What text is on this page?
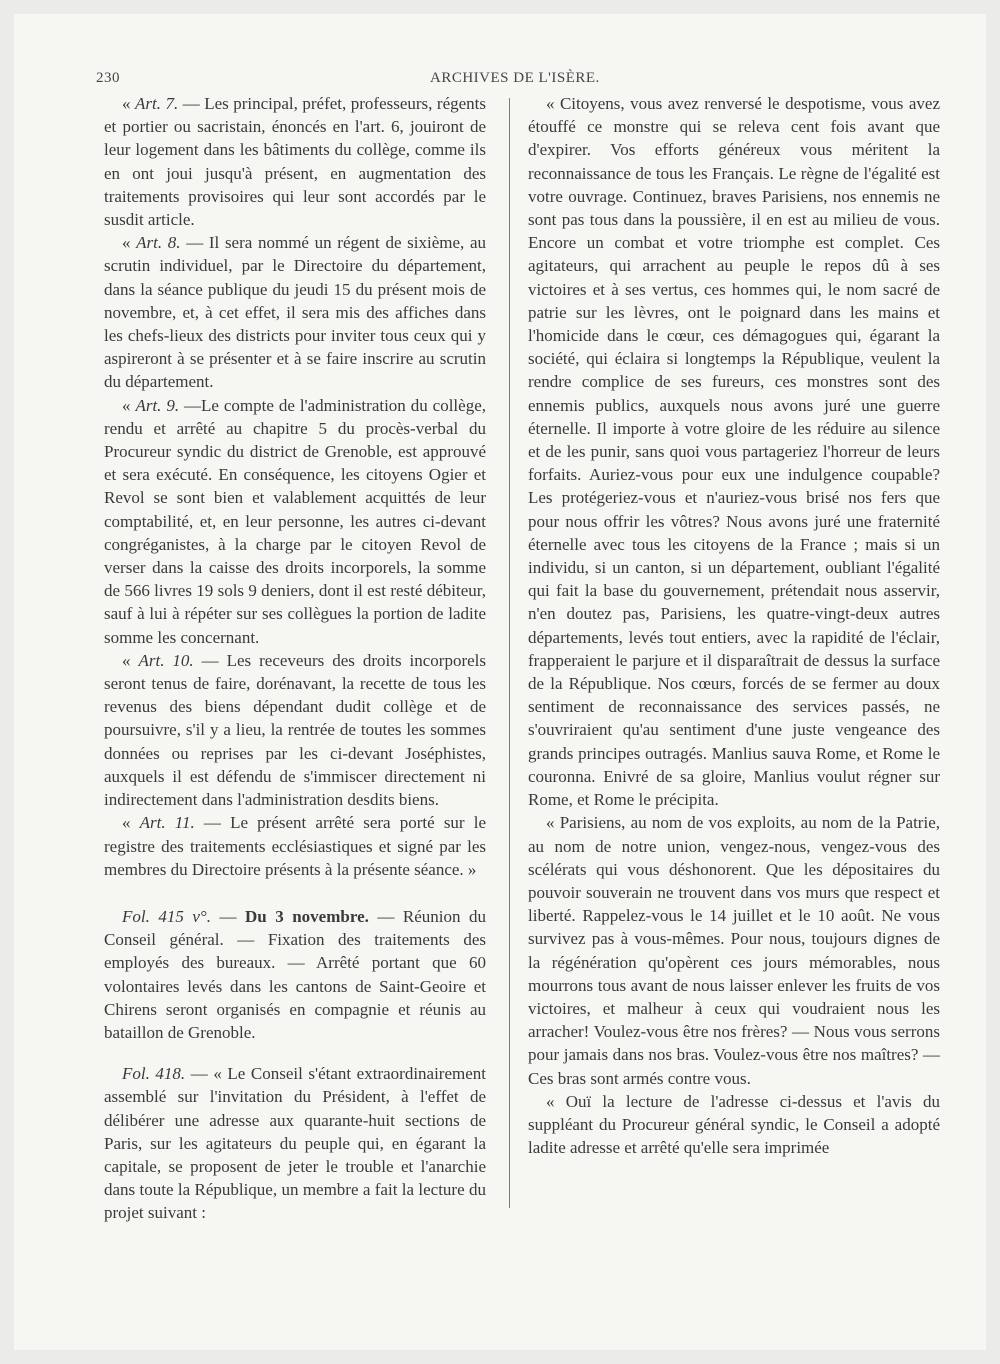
230	ARCHIVES DE L'ISÈRE.

« Art. 7. — Les principal, préfet, professeurs, régents et portier ou sacristain, énoncés en l'art. 6, jouiront de leur logement dans les bâtiments du collège, comme ils en ont joui jusqu'à présent, en augmentation des traitements provisoires qui leur sont accordés par le susdit article.

« Art. 8. — Il sera nommé un régent de sixième, au scrutin individuel, par le Directoire du département, dans la séance publique du jeudi 15 du présent mois de novembre, et, à cet effet, il sera mis des affiches dans les chefs-lieux des districts pour inviter tous ceux qui y aspireront à se présenter et à se faire inscrire au scrutin du département.

« Art. 9. —Le compte de l'administration du collège, rendu et arrêté au chapitre 5 du procès-verbal du Procureur syndic du district de Grenoble, est approuvé et sera exécuté. En conséquence, les citoyens Ogier et Revol se sont bien et valablement acquittés de leur comptabilité, et, en leur personne, les autres ci-devant congréganistes, à la charge par le citoyen Revol de verser dans la caisse des droits incorporels, la somme de 566 livres 19 sols 9 deniers, dont il est resté débiteur, sauf à lui à répéter sur ses collègues la portion de ladite somme les concernant.

« Art. 10. — Les receveurs des droits incorporels seront tenus de faire, dorénavant, la recette de tous les revenus des biens dépendant dudit collège et de poursuivre, s'il y a lieu, la rentrée de toutes les sommes données ou reprises par les ci-devant Joséphistes, auxquels il est défendu de s'immiscer directement ni indirectement dans l'administration desdits biens.

« Art. 11. — Le présent arrêté sera porté sur le registre des traitements ecclésiastiques et signé par les membres du Directoire présents à la présente séance. »

Fol. 415 v°. — Du 3 novembre. — Réunion du Conseil général. — Fixation des traitements des employés des bureaux. — Arrêté portant que 60 volontaires levés dans les cantons de Saint-Geoire et Chirens seront organisés en compagnie et réunis au bataillon de Grenoble.

Fol. 418. — « Le Conseil s'étant extraordinairement assemblé sur l'invitation du Président, à l'effet de délibérer une adresse aux quarante-huit sections de Paris, sur les agitateurs du peuple qui, en égarant la capitale, se proposent de jeter le trouble et l'anarchie dans toute la République, un membre a fait la lecture du projet suivant :

« Citoyens, vous avez renversé le despotisme, vous avez étouffé ce monstre qui se releva cent fois avant que d'expirer. Vos efforts généreux vous méritent la reconnaissance de tous les Français. Le règne de l'égalité est votre ouvrage. Continuez, braves Parisiens, nos ennemis ne sont pas tous dans la poussière, il en est au milieu de vous. Encore un combat et votre triomphe est complet. Ces agitateurs, qui arrachent au peuple le repos dû à ses victoires et à ses vertus, ces hommes qui, le nom sacré de patrie sur les lèvres, ont le poignard dans les mains et l'homicide dans le cœur, ces démagogues qui, égarant la société, qui éclaira si longtemps la République, veulent la rendre complice de ses fureurs, ces monstres sont des ennemis publics, auxquels nous avons juré une guerre éternelle. Il importe à votre gloire de les réduire au silence et de les punir, sans quoi vous partageriez l'horreur de leurs forfaits. Auriez-vous pour eux une indulgence coupable? Les protégeriez-vous et n'auriez-vous brisé nos fers que pour nous offrir les vôtres? Nous avons juré une fraternité éternelle avec tous les citoyens de la France ; mais si un individu, si un canton, si un département, oubliant l'égalité qui fait la base du gouvernement, prétendait nous asservir, n'en doutez pas, Parisiens, les quatre-vingt-deux autres départements, levés tout entiers, avec la rapidité de l'éclair, frapperaient le parjure et il disparaîtrait de dessus la surface de la République. Nos cœurs, forcés de se fermer au doux sentiment de reconnaissance des services passés, ne s'ouvriraient qu'au sentiment d'une juste vengeance des grands principes outragés. Manlius sauva Rome, et Rome le couronna. Enivré de sa gloire, Manlius voulut régner sur Rome, et Rome le précipita.

« Parisiens, au nom de vos exploits, au nom de la Patrie, au nom de notre union, vengez-nous, vengez-vous des scélérats qui vous déshonorent. Que les dépositaires du pouvoir souverain ne trouvent dans vos murs que respect et liberté. Rappelez-vous le 14 juillet et le 10 août. Ne vous survivez pas à vous-mêmes. Pour nous, toujours dignes de la régénération qu'opèrent ces jours mémorables, nous mourrons tous avant de nous laisser enlever les fruits de vos victoires, et malheur à ceux qui voudraient nous les arracher! Voulez-vous être nos frères? — Nous vous serrons pour jamais dans nos bras. Voulez-vous être nos maîtres? — Ces bras sont armés contre vous.

« Ouï la lecture de l'adresse ci-dessus et l'avis du suppléant du Procureur général syndic, le Conseil a adopté ladite adresse et arrêté qu'elle sera imprimée
